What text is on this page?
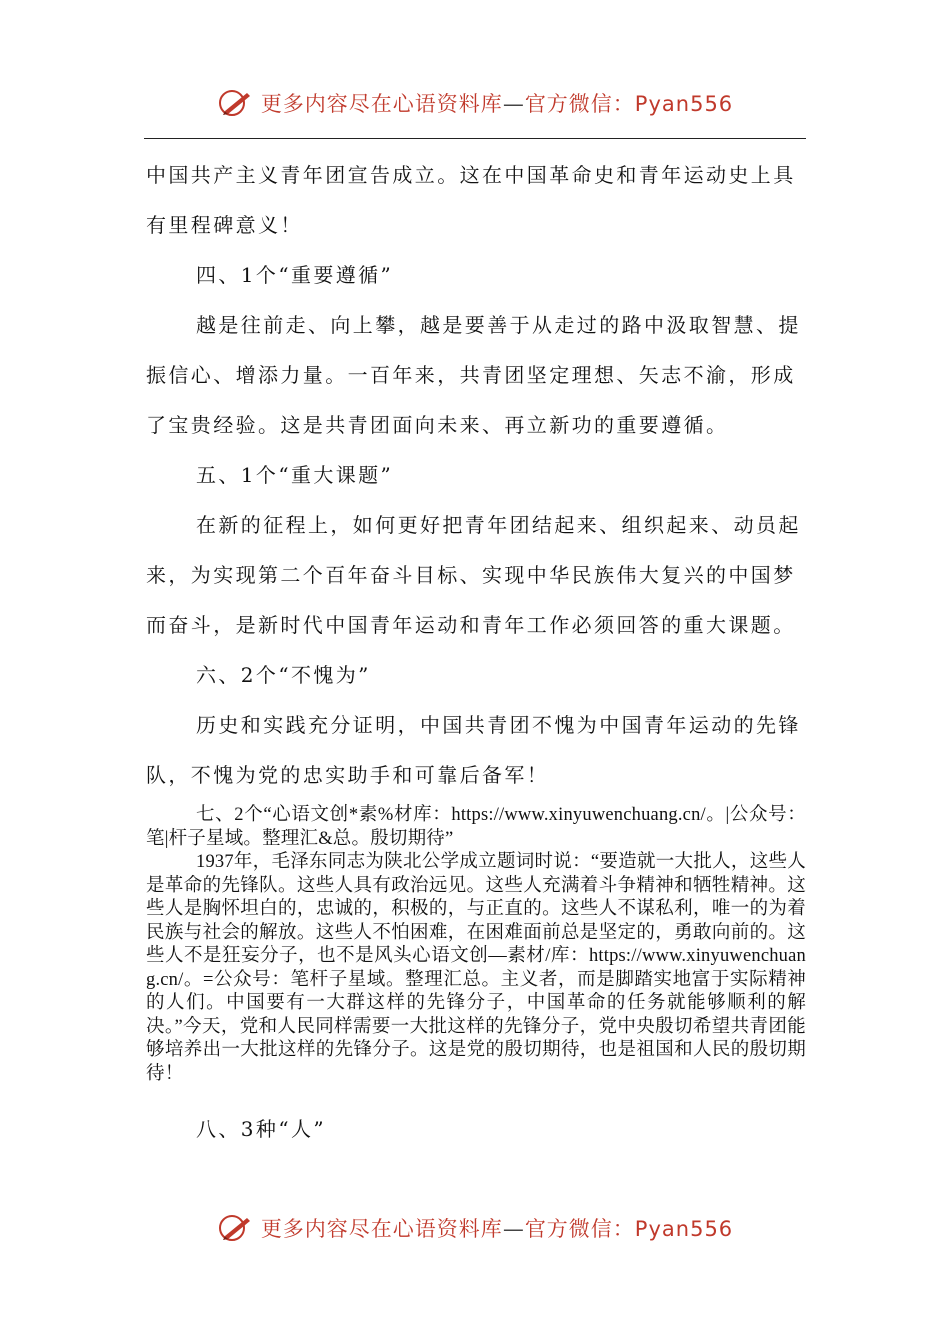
更多内容尽在心语资料库—官方微信：Pyan556

中国共产主义青年团宣告成立。这在中国革命史和青年运动史上具有里程碑意义！

四、1个“重要遵循”

越是往前走、向上攀，越是要善于从走过的路中汲取智慧、提振信心、增添力量。一百年来，共青团坚定理想、矢志不渝，形成了宝贵经验。这是共青团面向未来、再立新功的重要遵循。

五、1个“重大课题”

在新的征程上，如何更好把青年团结起来、组织起来、动员起来，为实现第二个百年奋斗目标、实现中华民族伟大复兴的中国梦而奋斗，是新时代中国青年运动和青年工作必须回答的重大课题。

六、2个“不愧为”

历史和实践充分证明，中国共青团不愧为中国青年运动的先锋队，不愧为党的忠实助手和可靠后备军！

七、2个“心语文创*素%材库：https://www.xinyuwenchuang.cn/。|公众号：笔|杆子星域。整理汇&总。殷切期待”

1937年，毛泽东同志为陕北公学成立题词时说：“要造就一大批人，这些人是革命的先锋队。这些人具有政治远见。这些人充满着斗争精神和牺牲精神。这些人是胸怀坦白的，忠诚的，积极的，与正直的。这些人不谋私利，唯一的为着民族与社会的解放。这些人不怕困难，在困难面前总是坚定的，勇敢向前的。这些人不是狂妄分子，也不是风头心语文创—素材/库：https://www.xinyuwenchuang.cn/。=公众号：笔杆子星域。整理汇总。主义者，而是脚踏实地富于实际精神的人们。中国要有一大群这样的先锋分子，中国革命的任务就能够顺利的解决。”今天，党和人民同样需要一大批这样的先锋分子，党中央殷切希望共青团能够培养出一大批这样的先锋分子。这是党的殷切期待，也是祖国和人民的殷切期待！

八、3种“人”

更多内容尽在心语资料库—官方微信：Pyan556
